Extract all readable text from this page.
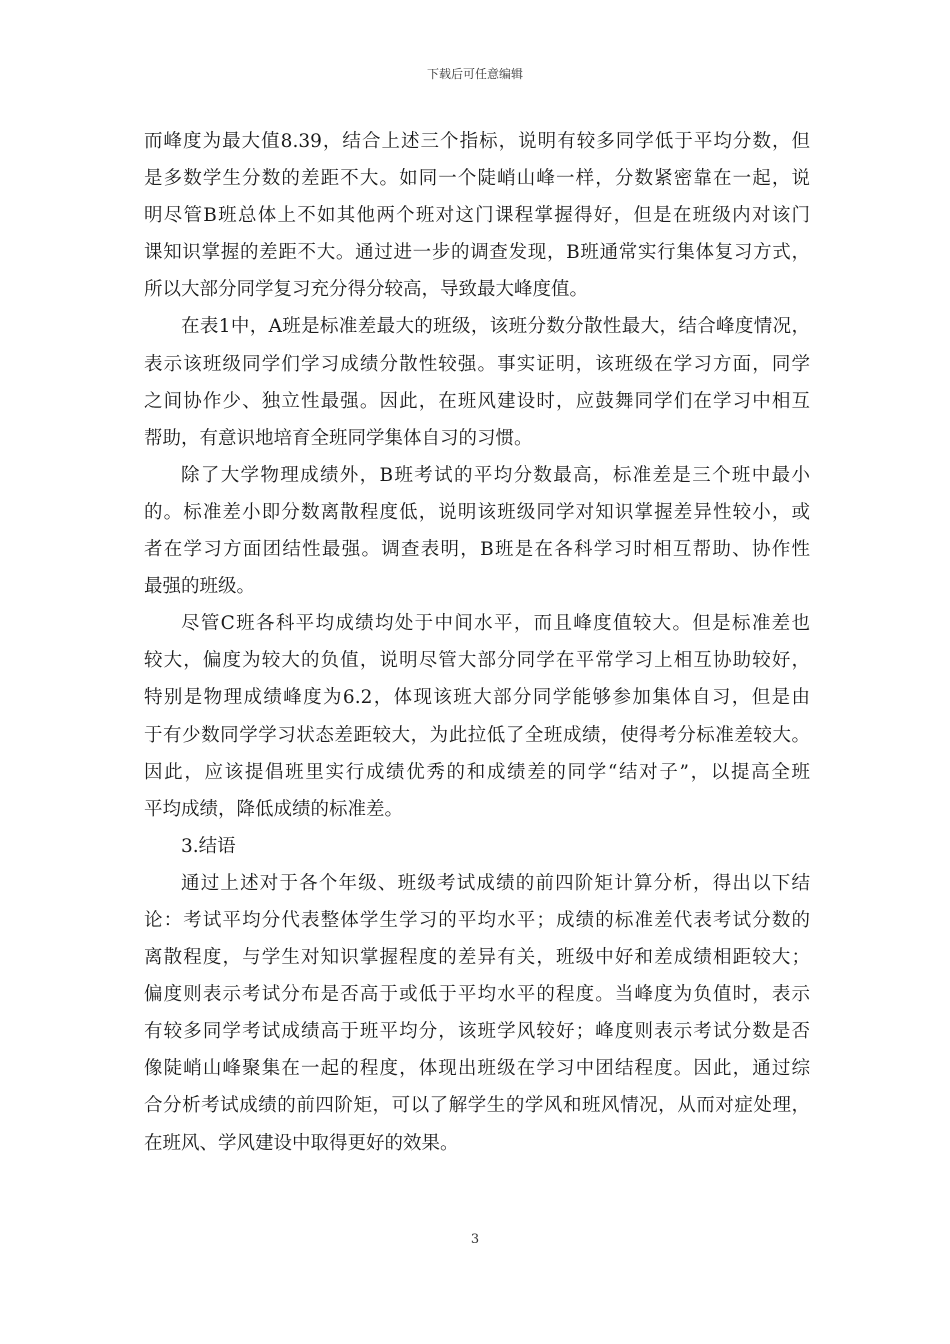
下载后可任意编辑
而峰度为最大值8.39，结合上述三个指标，说明有较多同学低于平均分数，但
是多数学生分数的差距不大。如同一个陡峭山峰一样，分数紧密靠在一起，说
明尽管B班总体上不如其他两个班对这门课程掌握得好，但是在班级内对该门
课知识掌握的差距不大。通过进一步的调查发现，B班通常实行集体复习方式，
所以大部分同学复习充分得分较高，导致最大峰度值。
在表1中，A班是标准差最大的班级，该班分数分散性最大，结合峰度情况，
表示该班级同学们学习成绩分散性较强。事实证明，该班级在学习方面，同学
之间协作少、独立性最强。因此，在班风建设时，应鼓舞同学们在学习中相互
帮助，有意识地培育全班同学集体自习的习惯。
除了大学物理成绩外，B班考试的平均分数最高，标准差是三个班中最小
的。标准差小即分数离散程度低，说明该班级同学对知识掌握差异性较小，或
者在学习方面团结性最强。调查表明，B班是在各科学习时相互帮助、协作性
最强的班级。
尽管C班各科平均成绩均处于中间水平，而且峰度值较大。但是标准差也
较大，偏度为较大的负值，说明尽管大部分同学在平常学习上相互协助较好，
特别是物理成绩峰度为6.2，体现该班大部分同学能够参加集体自习，但是由
于有少数同学学习状态差距较大，为此拉低了全班成绩，使得考分标准差较大。
因此，应该提倡班里实行成绩优秀的和成绩差的同学“结对子”，以提高全班
平均成绩，降低成绩的标准差。
3.结语
通过上述对于各个年级、班级考试成绩的前四阶矩计算分析，得出以下结
论：考试平均分代表整体学生学习的平均水平；成绩的标准差代表考试分数的
离散程度，与学生对知识掌握程度的差异有关，班级中好和差成绩相距较大；
偏度则表示考试分布是否高于或低于平均水平的程度。当峰度为负值时，表示
有较多同学考试成绩高于班平均分，该班学风较好；峰度则表示考试分数是否
像陡峭山峰聚集在一起的程度，体现出班级在学习中团结程度。因此，通过综
合分析考试成绩的前四阶矩，可以了解学生的学风和班风情况，从而对症处理，
在班风、学风建设中取得更好的效果。
3
